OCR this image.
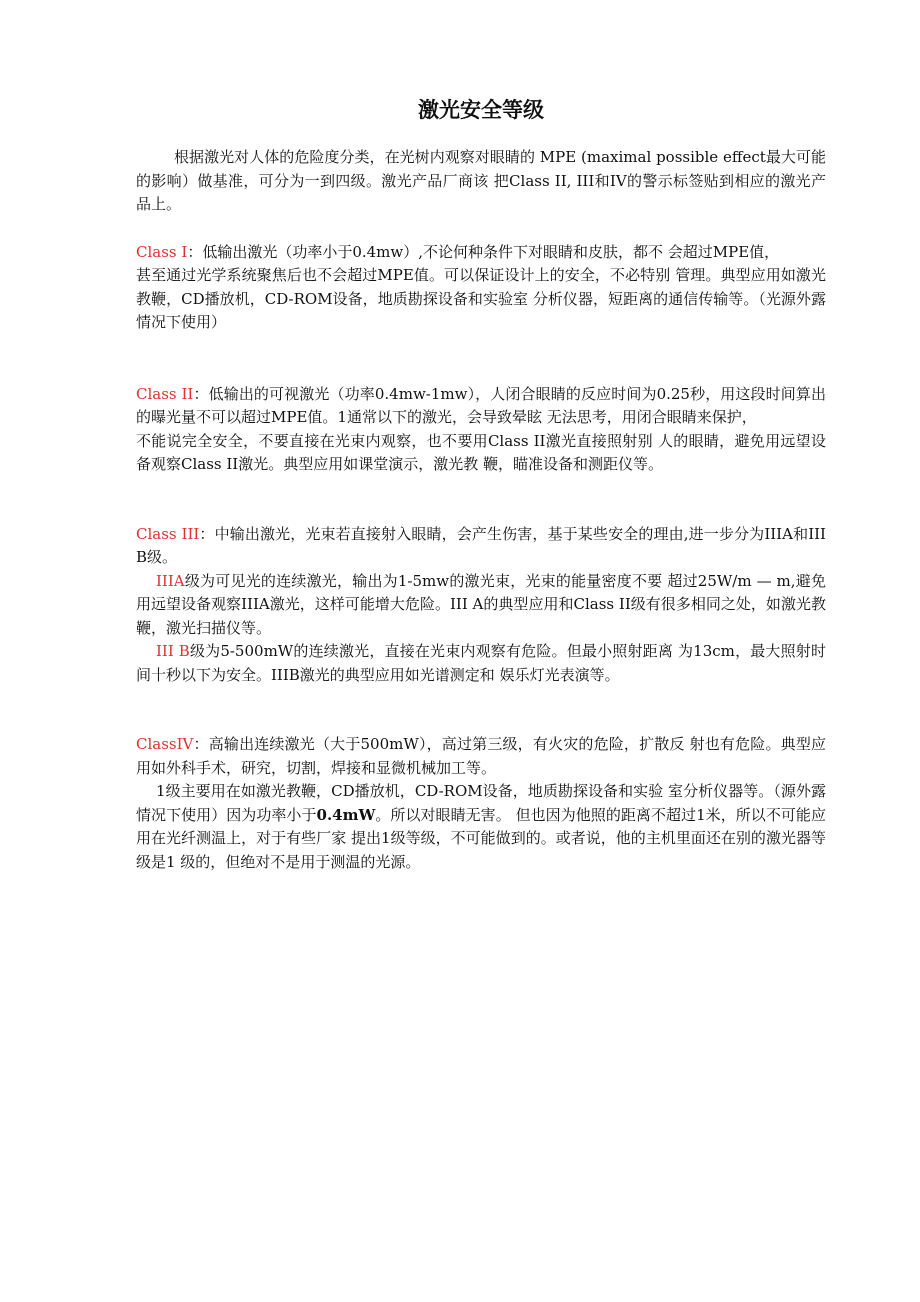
激光安全等级

根据激光对人体的危险度分类，在光树内观察对眼睛的 MPE (maximal possible effect最大可能的影响）做基准，可分为一到四级。激光产品厂商该 把Class II, III和IV的警示标签贴到相应的激光产品上。

Class I：低输出激光（功率小于0.4mw）,不论何种条件下对眼睛和皮肤，都不 会超过MPE值，

甚至通过光学系统聚焦后也不会超过MPE值。可以保证设计上的安全，不必特别 管理。典型应用如激光教鞭，CD播放机，CD-ROM设备，地质勘探设备和实验室 分析仪器，短距离的通信传输等。（光源外露情况下使用）

Class II：低输出的可视激光（功率0.4mw-1mw），人闭合眼睛的反应时间为0.25秒，用这段时间算出的曝光量不可以超过MPE值。1通常以下的激光，会导致晕眩 无法思考，用闭合眼睛来保护，

不能说完全安全，不要直接在光束内观察，也不要用Class II激光直接照射别 人的眼睛，避免用远望设备观察Class II激光。典型应用如课堂演示，激光教 鞭，瞄准设备和测距仪等。

Class III：中输出激光，光束若直接射入眼睛，会产生伤害，基于某些安全的理由,进一步分为IIIA和IIIB级。

IIIA级为可见光的连续激光，输出为1-5mw的激光束，光束的能量密度不要 超过25W/m — m,避免用远望设备观察IIIA激光，这样可能增大危险。III A的典型应用和Class II级有很多相同之处，如激光教鞭，激光扫描仪等。

III B级为5-500mW的连续激光，直接在光束内观察有危险。但最小照射距离 为13cm，最大照射时间十秒以下为安全。IIIB激光的典型应用如光谱测定和 娱乐灯光表演等。

ClassIV：高输出连续激光（大于500mW），高过第三级，有火灾的危险，扩散反 射也有危险。典型应用如外科手术，研究，切割，焊接和显微机械加工等。

1级主要用在如激光教鞭，CD播放机，CD-ROM设备，地质勘探设备和实验 室分析仪器等。（源外露情况下使用）因为功率小于0.4mW。所以对眼睛无害。 但也因为他照的距离不超过1米，所以不可能应用在光纤测温上，对于有些厂家 提出1级等级，不可能做到的。或者说，他的主机里面还在别的激光器等级是1 级的，但绝对不是用于测温的光源。
